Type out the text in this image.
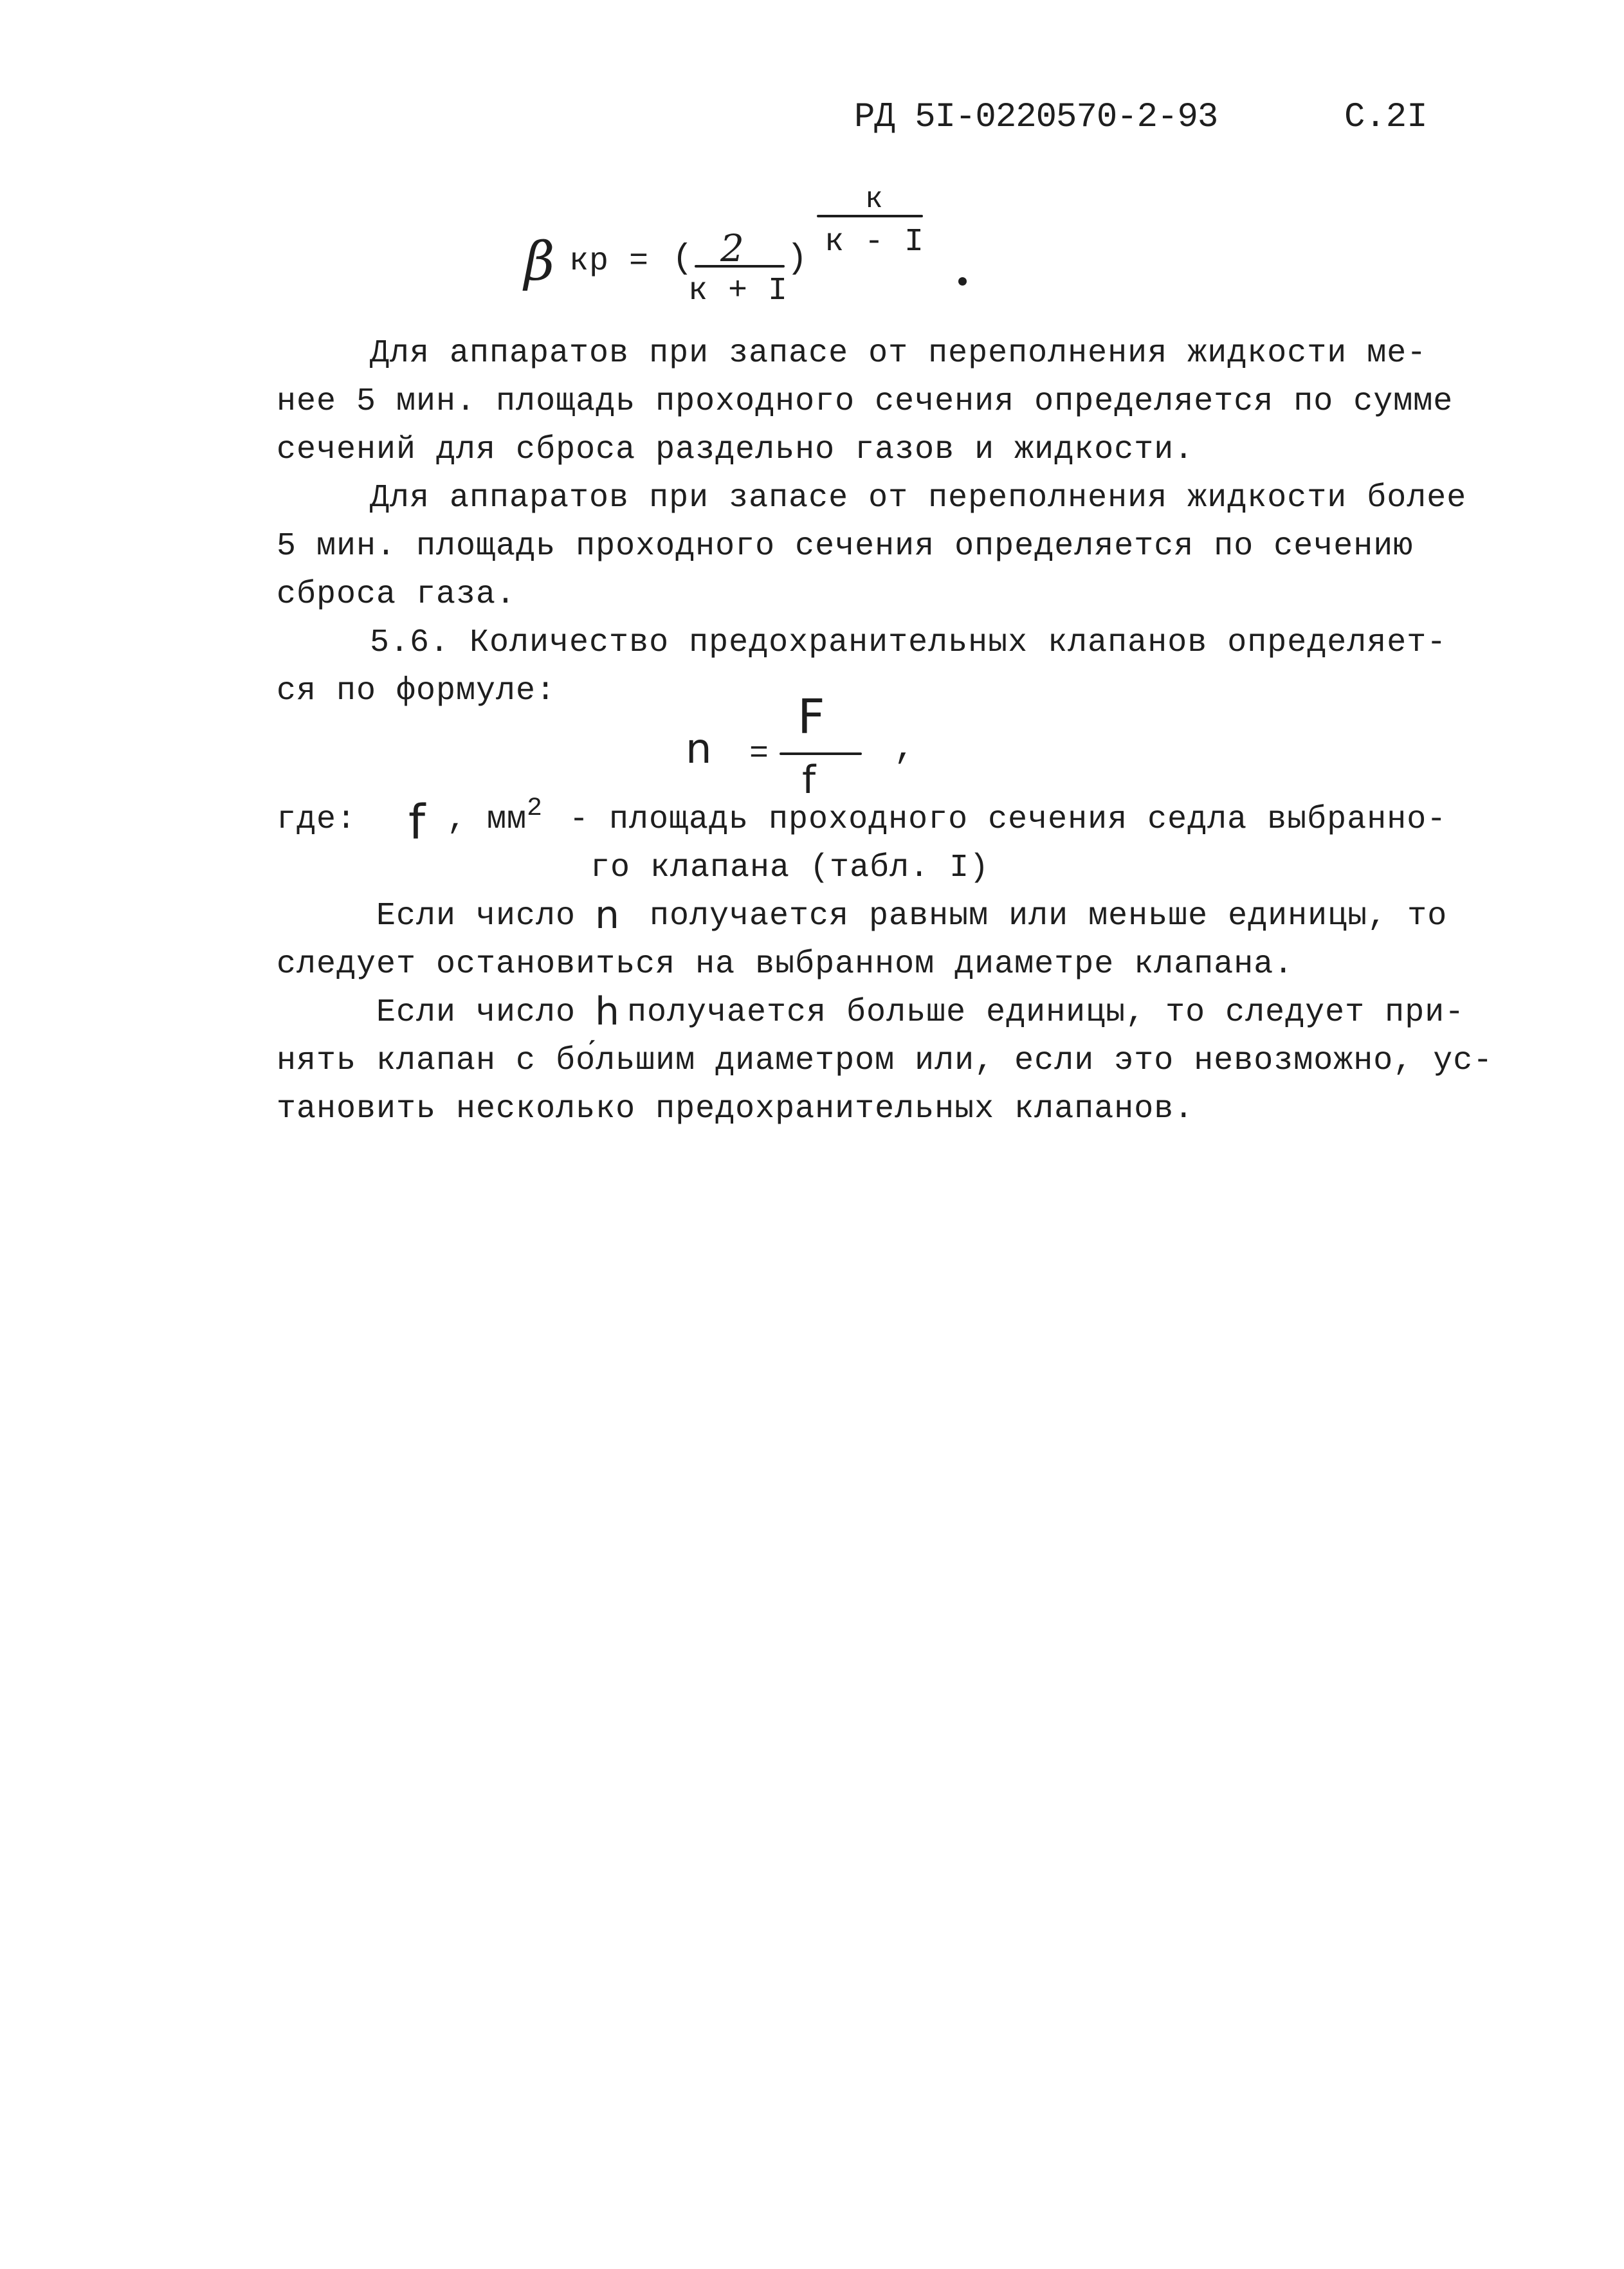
РД 5I-0220570-2-93	С.2I
β кр = ( 2 )
к + I
к
к - I
Для аппаратов при запасе от переполнения жидкости ме-
нее 5 мин. площадь проходного сечения определяется по сумме
сечений для сброса раздельно газов и жидкости.
Для аппаратов при запасе от переполнения жидкости более
5 мин. площадь проходного сечения определяется по сечению
сброса газа.
5.6. Количество предохранительных клапанов определяет-
ся по формуле:
n =
F
f
,
где: f , $мм^2$ - площадь проходного сечения седла выбранно-
го клапана (табл. I)
Если число n получается равным или меньше единицы, то
следует остановиться на выбранном диаметре клапана.
Если число h получается больше единицы, то следует при-
нять клапан с бо́льшим диаметром или, если это невозможно, ус-
тановить несколько предохранительных клапанов.
